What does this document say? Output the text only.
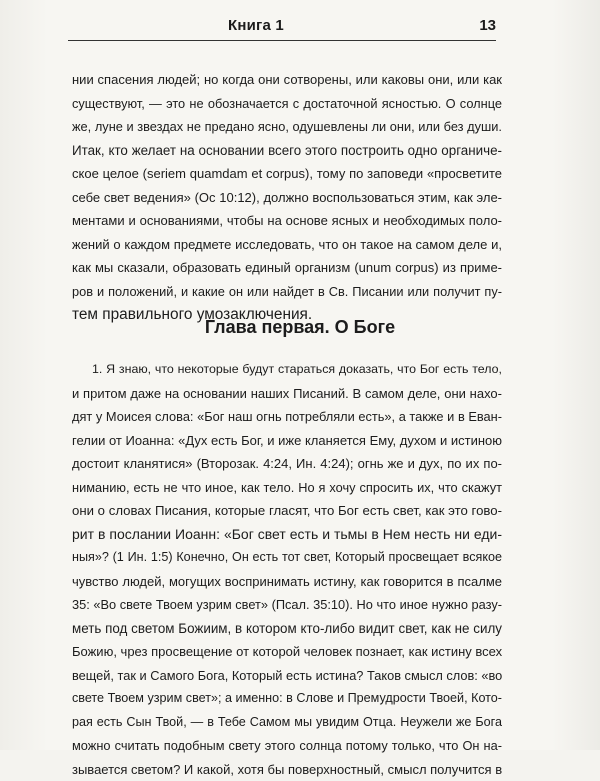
Книга 1	13
нии спасения людей; но когда они сотворены, или каковы они, или как
существуют, — это не обозначается с достаточной ясностью. О солнце
же, луне и звездах не предано ясно, одушевлены ли они, или без души.
Итак, кто желает на основании всего этого построить одно органиче-
ское целое (seriem quamdam et corpus), тому по заповеди «просветите
себе свет ведения» (Ос 10:12), должно воспользоваться этим, как эле-
ментами и основаниями, чтобы на основе ясных и необходимых поло-
жений о каждом предмете исследовать, что он такое на самом деле и,
как мы сказали, образовать единый организм (unum corpus) из приме-
ров и положений, и какие он или найдет в Св. Писании или получит пу-
тем правильного умозаключения.
Глава первая. О Боге
1. Я знаю, что некоторые будут стараться доказать, что Бог есть тело,
и притом даже на основании наших Писаний. В самом деле, они нахо-
дят у Моисея слова: «Бог наш огнь потребляли есть», а также и в Еван-
гелии от Иоанна: «Дух есть Бог, и иже кланяется Ему, духом и истиною
достоит кланятися» (Второзак. 4:24, Ин. 4:24); огнь же и дух, по их по-
ниманию, есть не что иное, как тело. Но я хочу спросить их, что скажут
они о словах Писания, которые гласят, что Бог есть свет, как это гово-
рит в послании Иоанн: «Бог свет есть и тьмы в Нем несть ни еди-
ныя»? (1 Ин. 1:5) Конечно, Он есть тот свет, Который просвещает всякое
чувство людей, могущих воспринимать истину, как говорится в псалме
35: «Во свете Твоем узрим свет» (Псал. 35:10). Но что иное нужно разу-
меть под светом Божиим, в котором кто-либо видит свет, как не силу
Божию, чрез просвещение от которой человек познает, как истину всех
вещей, так и Самого Бога, Который есть истина? Таков смысл слов: «во
свете Твоем узрим свет»; а именно: в Слове и Премудрости Твоей, Кото-
рая есть Сын Твой, — в Тебе Самом мы увидим Отца. Неужели же Бога
можно считать подобным свету этого солнца потому только, что Он на-
зывается светом? И какой, хотя бы поверхностный, смысл получится в
